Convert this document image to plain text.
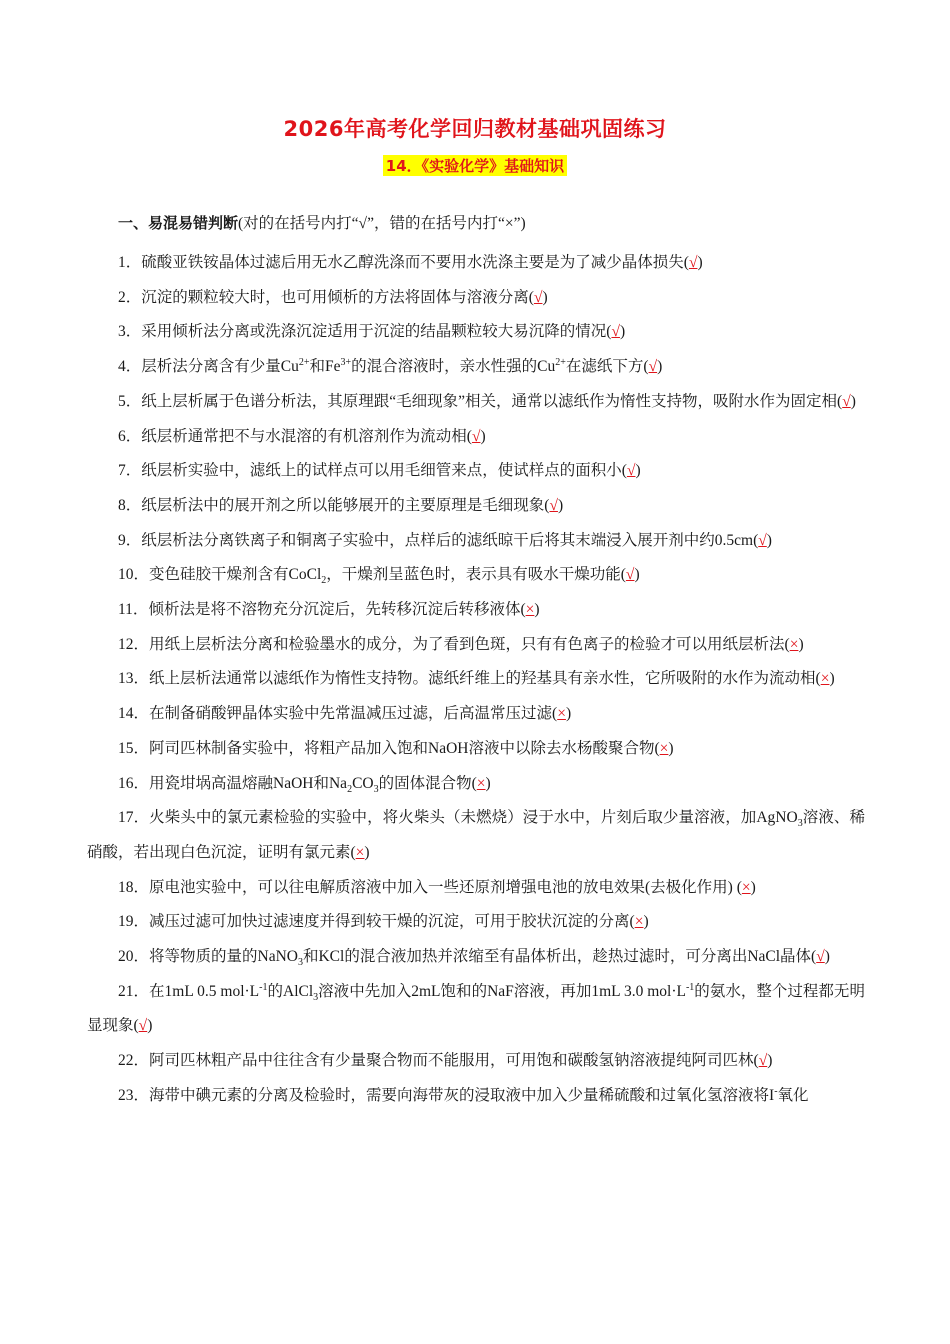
2026年高考化学回归教材基础巩固练习
14．《实验化学》基础知识
一、易混易错判断(对的在括号内打“√”，错的在括号内打“×”)
1．硫酸亚铁铵晶体过滤后用无水乙醇洗涤而不要用水洗涤主要是为了减少晶体损失(√)
2．沉淀的颗粒较大时，也可用倾析的方法将固体与溶液分离(√)
3．采用倾析法分离或洗涤沉淀适用于沉淀的结晶颗粒较大易沉降的情况(√)
4．层析法分离含有少量$Cu^{2+}$和$Fe^{3+}$的混合溶液时，亲水性强的$Cu^{2+}$在滤纸下方(√)
5．纸上层析属于色谱分析法，其原理跟“毛细现象”相关，通常以滤纸作为惰性支持物，吸附水作为固定相(√)
6．纸层析通常把不与水混溶的有机溶剂作为流动相(√)
7．纸层析实验中，滤纸上的试样点可以用毛细管来点，使试样点的面积小(√)
8．纸层析法中的展开剂之所以能够展开的主要原理是毛细现象(√)
9．纸层析法分离铁离子和铜离子实验中，点样后的滤纸晾干后将其末端浸入展开剂中约0.5cm(√)
10．变色硅胶干燥剂含有CoCl$_2$，干燥剂呈蓝色时，表示具有吸水干燥功能(√)
11．倾析法是将不溶物充分沉淀后，先转移沉淀后转移液体(×)
12．用纸上层析法分离和检验墨水的成分，为了看到色斑，只有有色离子的检验才可以用纸层析法(×)
13．纸上层析法通常以滤纸作为惰性支持物。滤纸纤维上的羟基具有亲水性，它所吸附的水作为流动相(×)
14．在制备硝酸钾晶体实验中先常温减压过滤，后高温常压过滤(×)
15．阿司匹林制备实验中，将粗产品加入饱和NaOH溶液中以除去水杨酸聚合物(×)
16．用瓷坩埚高温熔融NaOH和$Na_2CO_3$的固体混合物(×)
17．火柴头中的氯元素检验的实验中，将火柴头（未燃烧）浸于水中，片刻后取少量溶液，加AgNO$_3$溶液、稀硝酸，若出现白色沉淀，证明有氯元素(×)
18．原电池实验中，可以往电解质溶液中加入一些还原剂增强电池的放电效果(去极化作用) (×)
19．减压过滤可加快过滤速度并得到较干燥的沉淀，可用于胶状沉淀的分离(×)
20．将等物质的量的NaNO$_3$和KCl的混合液加热并浓缩至有晶体析出，趁热过滤时，可分离出NaCl晶体(√)
21．在1mL 0.5 $mol\cdot L^{-1}$的AlCl$_3$溶液中先加入2mL饱和的NaF溶液，再加1mL 3.0 $mol\cdot L^{-1}$的氨水，整个过程都无明显现象(√)
22．阿司匹林粗产品中往往含有少量聚合物而不能服用，可用饱和碳酸氢钠溶液提纯阿司匹林(√)
23．海带中碘元素的分离及检验时，需要向海带灰的浸取液中加入少量稀硫酸和过氧化氢溶液将I-氧化
